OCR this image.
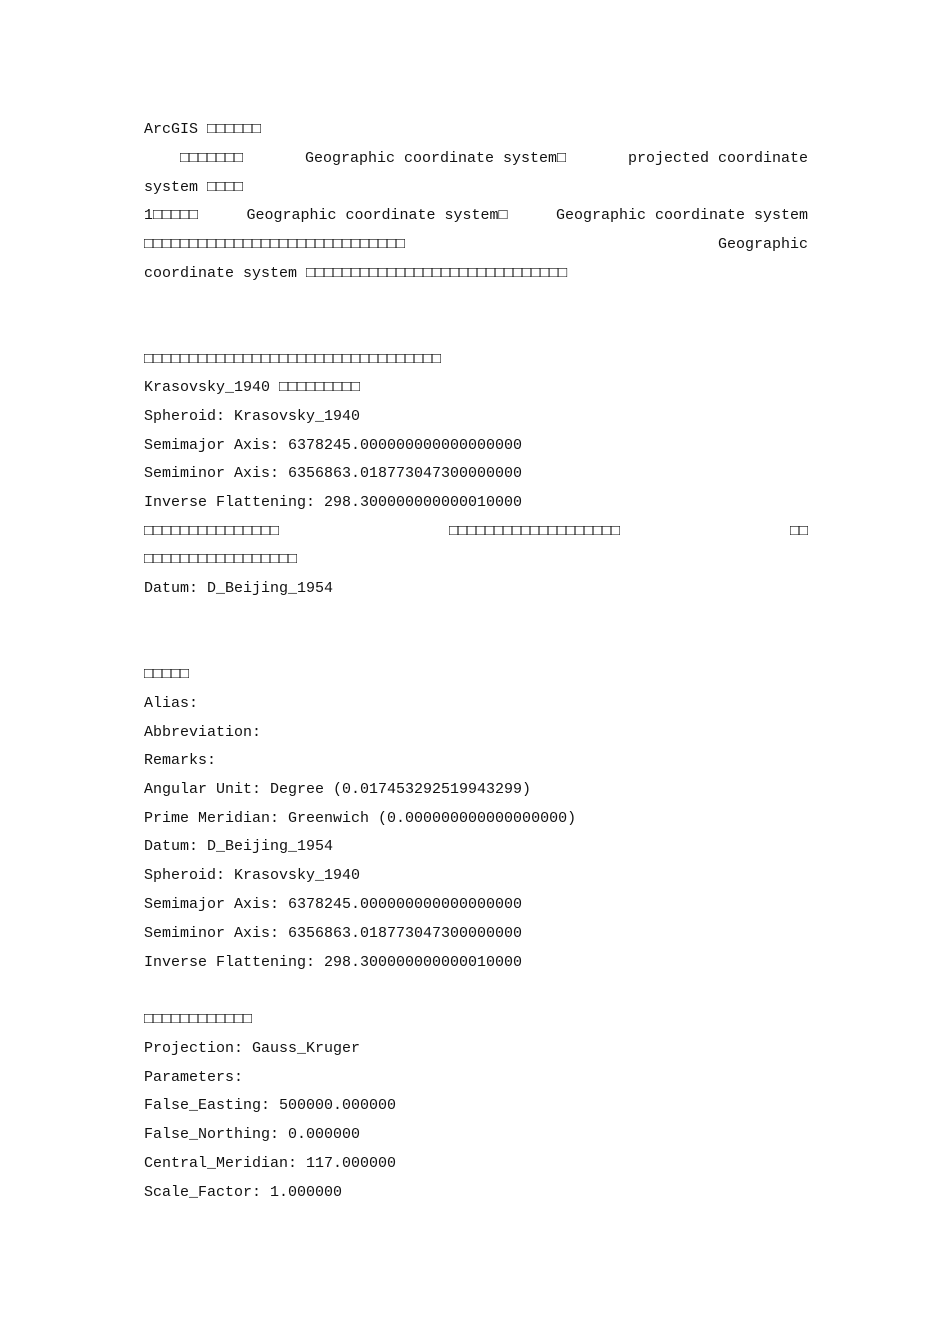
ArcGIS □□□□□□
□□□□□□□	Geographic coordinate system□	projected coordinate
system □□□□
1□□□□□	Geographic coordinate system□	Geographic coordinate system
□□□□□□□□□□□□□□□□□□□□□□□□□□□□□	Geographic
coordinate system □□□□□□□□□□□□□□□□□□□□□□□□□□□□□

□□□□□□□□□□□□□□□□□□□□□□□□□□□□□□□□□
Krasovsky_1940 □□□□□□□□□
Spheroid: Krasovsky_1940
Semimajor Axis: 6378245.000000000000000000
Semiminor Axis: 6356863.018773047300000000
Inverse Flattening: 298.300000000000010000
□□□□□□□□□□□□□□□	□□□□□□□□□□□□□□□□□□□	□□
□□□□□□□□□□□□□□□□□
Datum: D_Beijing_1954

□□□□□
Alias:
Abbreviation:
Remarks:
Angular Unit: Degree (0.017453292519943299)
Prime Meridian: Greenwich (0.000000000000000000)
Datum: D_Beijing_1954
Spheroid: Krasovsky_1940
Semimajor Axis: 6378245.000000000000000000
Semiminor Axis: 6356863.018773047300000000
Inverse Flattening: 298.300000000000010000

□□□□□□□□□□□□
Projection: Gauss_Kruger
Parameters:
False_Easting: 500000.000000
False_Northing: 0.000000
Central_Meridian: 117.000000
Scale_Factor: 1.000000
